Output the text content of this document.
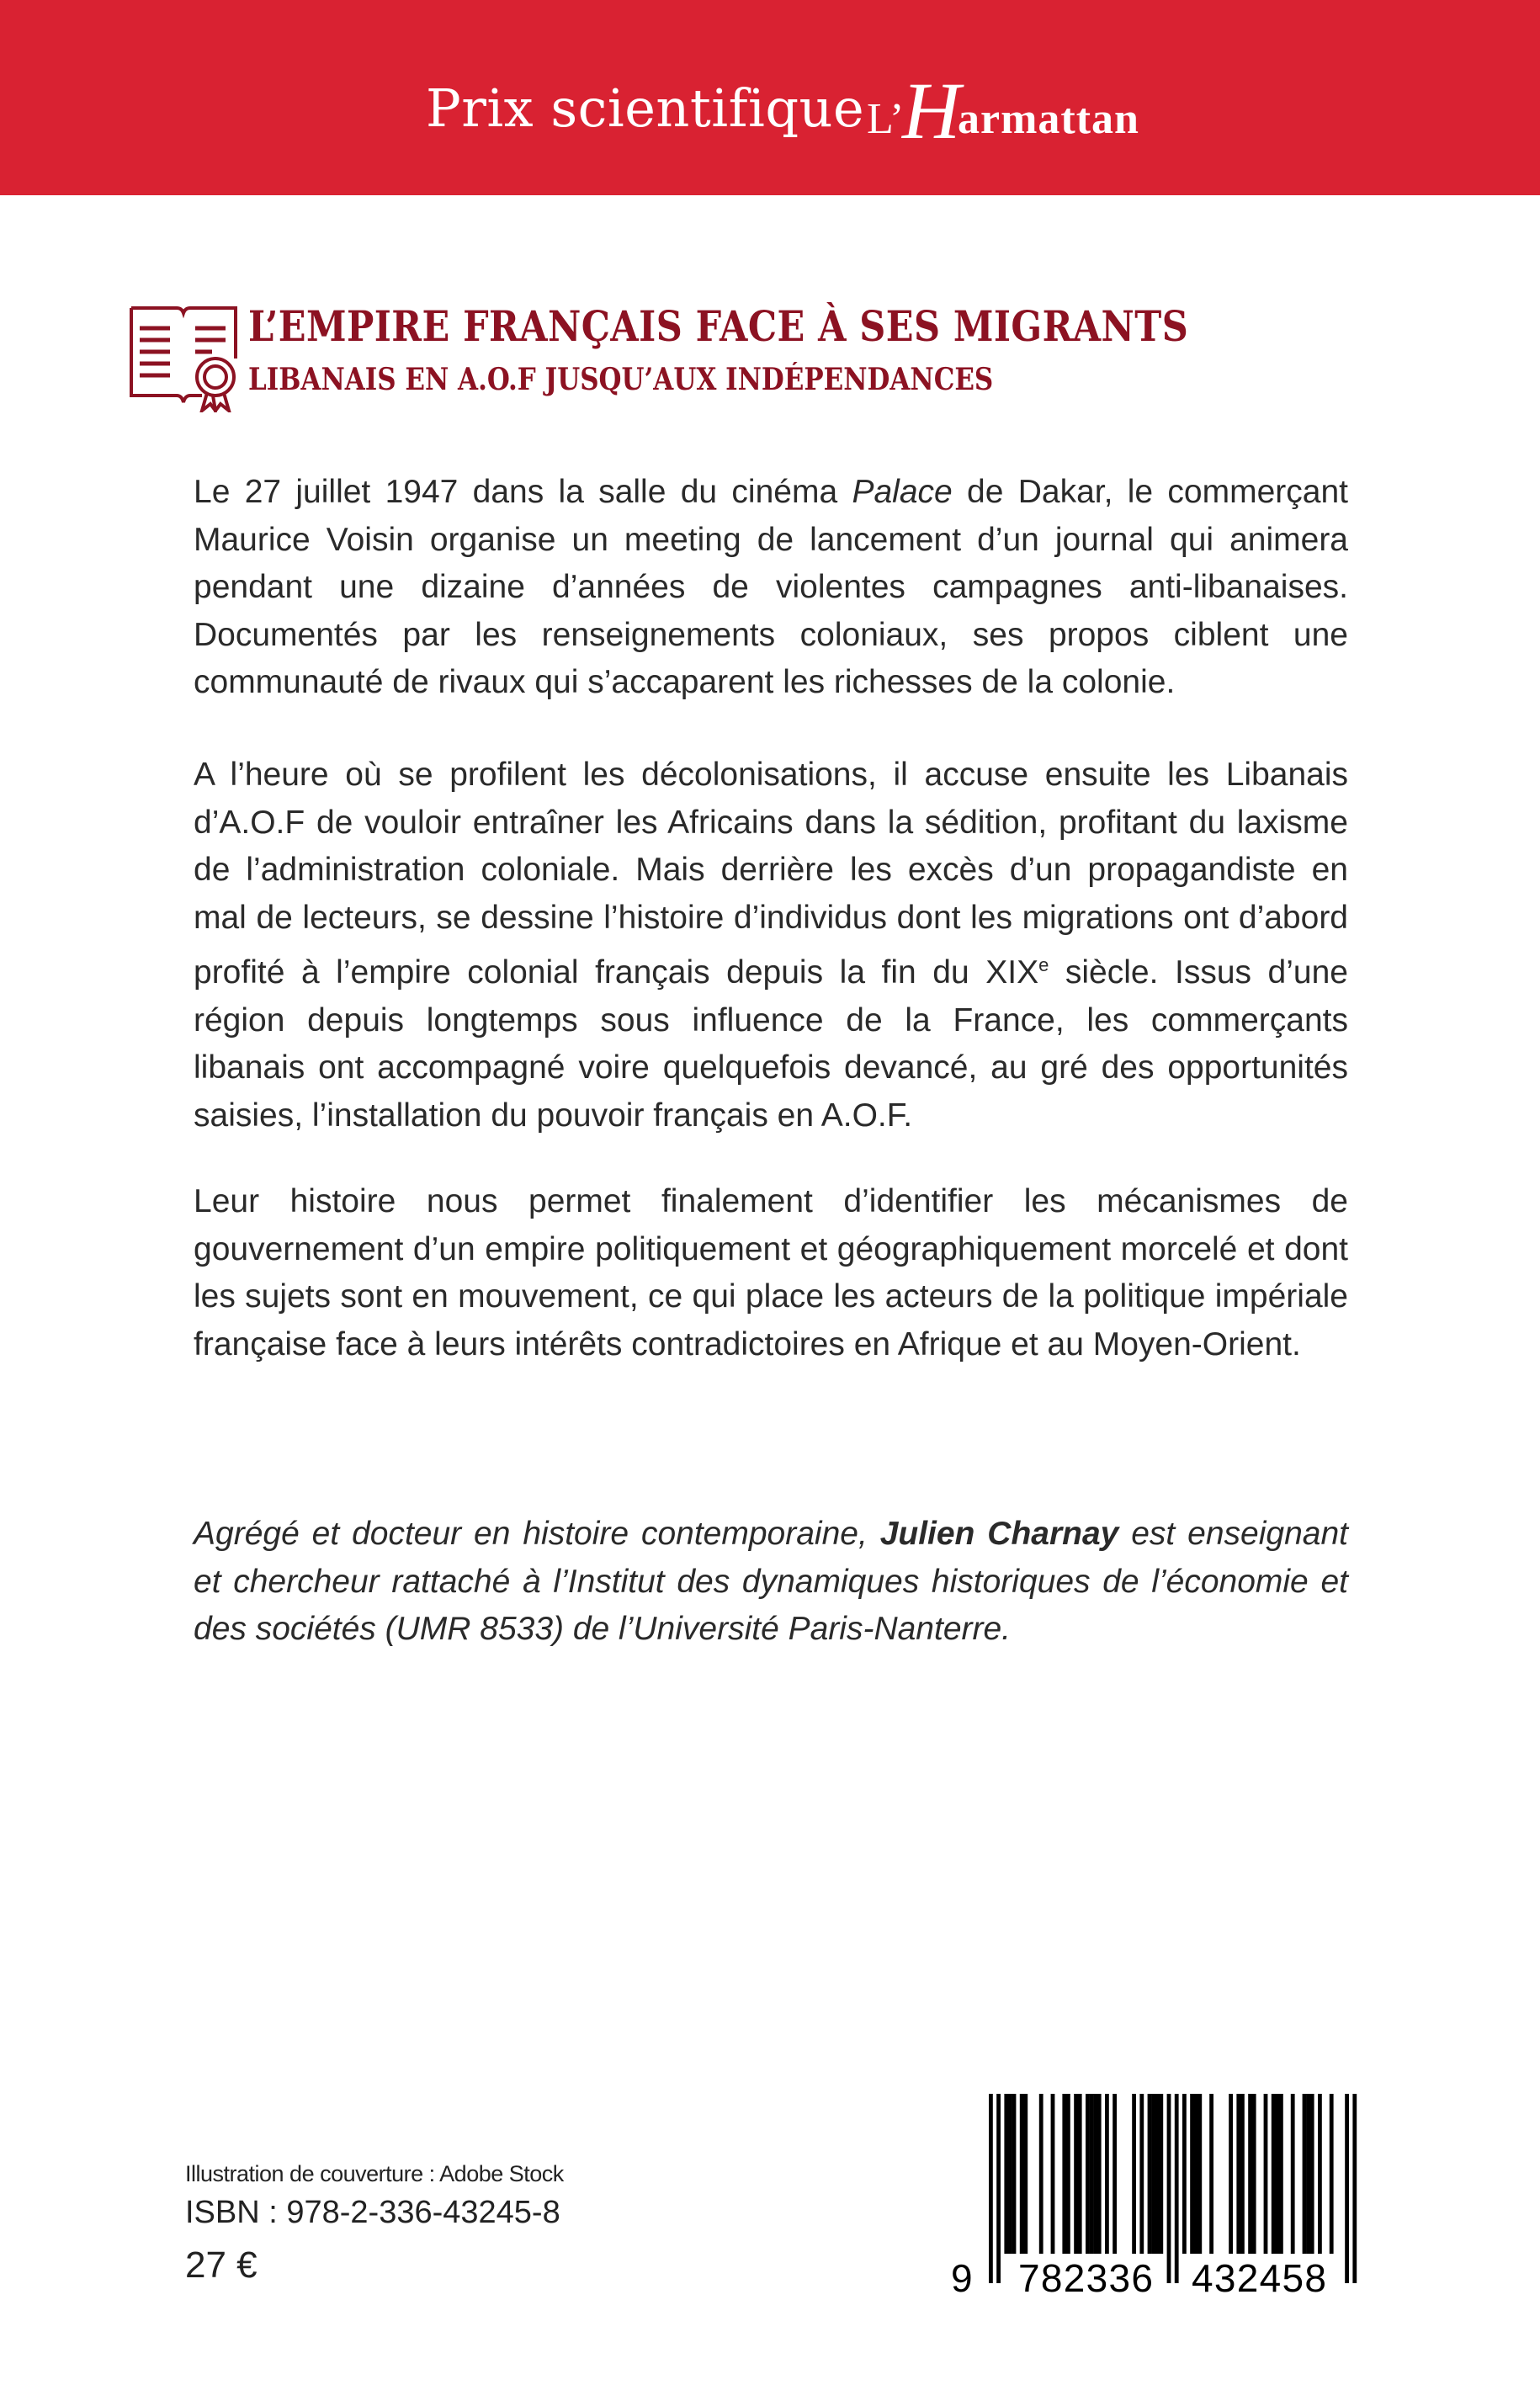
Prix scientifique L’
H
armattan
L’EMPIRE FRANÇAIS FACE À SES MIGRANTS
LIBANAIS EN A.O.F JUSQU’AUX INDÉPENDANCES
Le 27 juillet 1947 dans la salle du cinéma Palace de Dakar, le commerçant Maurice Voisin organise un meeting de lancement d’un journal qui animera pendant une dizaine d’années de violentes campagnes anti-libanaises. Documentés par les renseignements coloniaux, ses propos ciblent une communauté de rivaux qui s’accaparent les richesses de la colonie.
A l’heure où se profilent les décolonisations, il accuse ensuite les Libanais d’A.O.F de vouloir entraîner les Africains dans la sédition, profitant du laxisme de l’administration coloniale. Mais derrière les excès d’un propagandiste en mal de lecteurs, se dessine l’histoire d’individus dont les migrations ont d’abord profité à l’empire colonial français depuis la fin du XIXe siècle. Issus d’une région depuis longtemps sous influence de la France, les commerçants libanais ont accompagné voire quelquefois devancé, au gré des opportunités saisies, l’installation du pouvoir français en A.O.F.
Leur histoire nous permet finalement d’identifier les mécanismes de gouvernement d’un empire politiquement et géographiquement morcelé et dont les sujets sont en mouvement, ce qui place les acteurs de la politique impériale française face à leurs intérêts contradictoires en Afrique et au Moyen-Orient.
Agrégé et docteur en histoire contemporaine, Julien Charnay est enseignant et chercheur rattaché à l’Institut des dynamiques historiques de l’économie et des sociétés (UMR 8533) de l’Université Paris-Nanterre.
Illustration de couverture : Adobe Stock
ISBN : 978-2-336-43245-8
27 €	9 782336 432458
